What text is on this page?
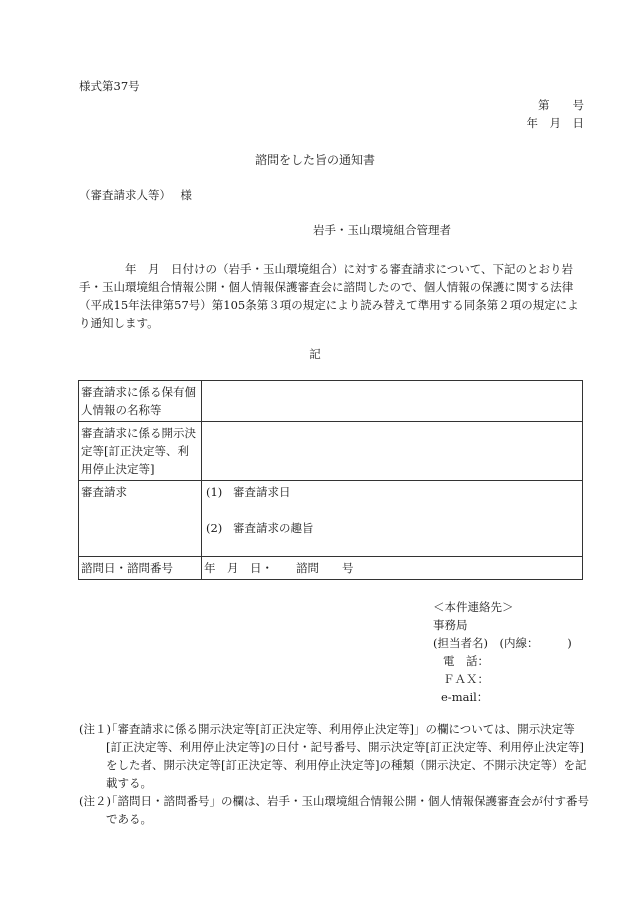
様式第37号
第　　号
年　月　日
諮問をした旨の通知書
（審査請求人等）　 様
岩手・玉山環境組合管理者

年　月　日付けの（岩手・玉山環境組合）に対する審査請求について、下記のとおり岩手・玉山環境組合情報公開・個人情報保護審査会に諮問したので、個人情報の保護に関する法律（平成15年法律第57号）第105条第３項の規定により読み替えて準用する同条第２項の規定により通知します。

記
審査請求に係る保有個人情報の名称等	
審査請求に係る開示決定等[訂正決定等、利用停止決定等]	
審査請求	(1) 審査請求日
(2) 審査請求の趣旨

諮問日・諮問番号	年　月　日・　　諮問　　号
＜本件連絡先＞
事務局
(担当者名)　(内線：　　　)
電　話：
ＦＡＸ：
e-mail：
(注１)
「審査請求に係る開示決定等[訂正決定等、利用停止決定等]」の欄については、開示決定等[訂正決定等、利用停止決定等]の日付・記号番号、開示決定等[訂正決定等、利用停止決定等]をした者、開示決定等[訂正決定等、利用停止決定等]の種類（開示決定、不開示決定等）を記載する。
(注２)
「諮問日・諮問番号」の欄は、岩手・玉山環境組合情報公開・個人情報保護審査会が付す番号である。
